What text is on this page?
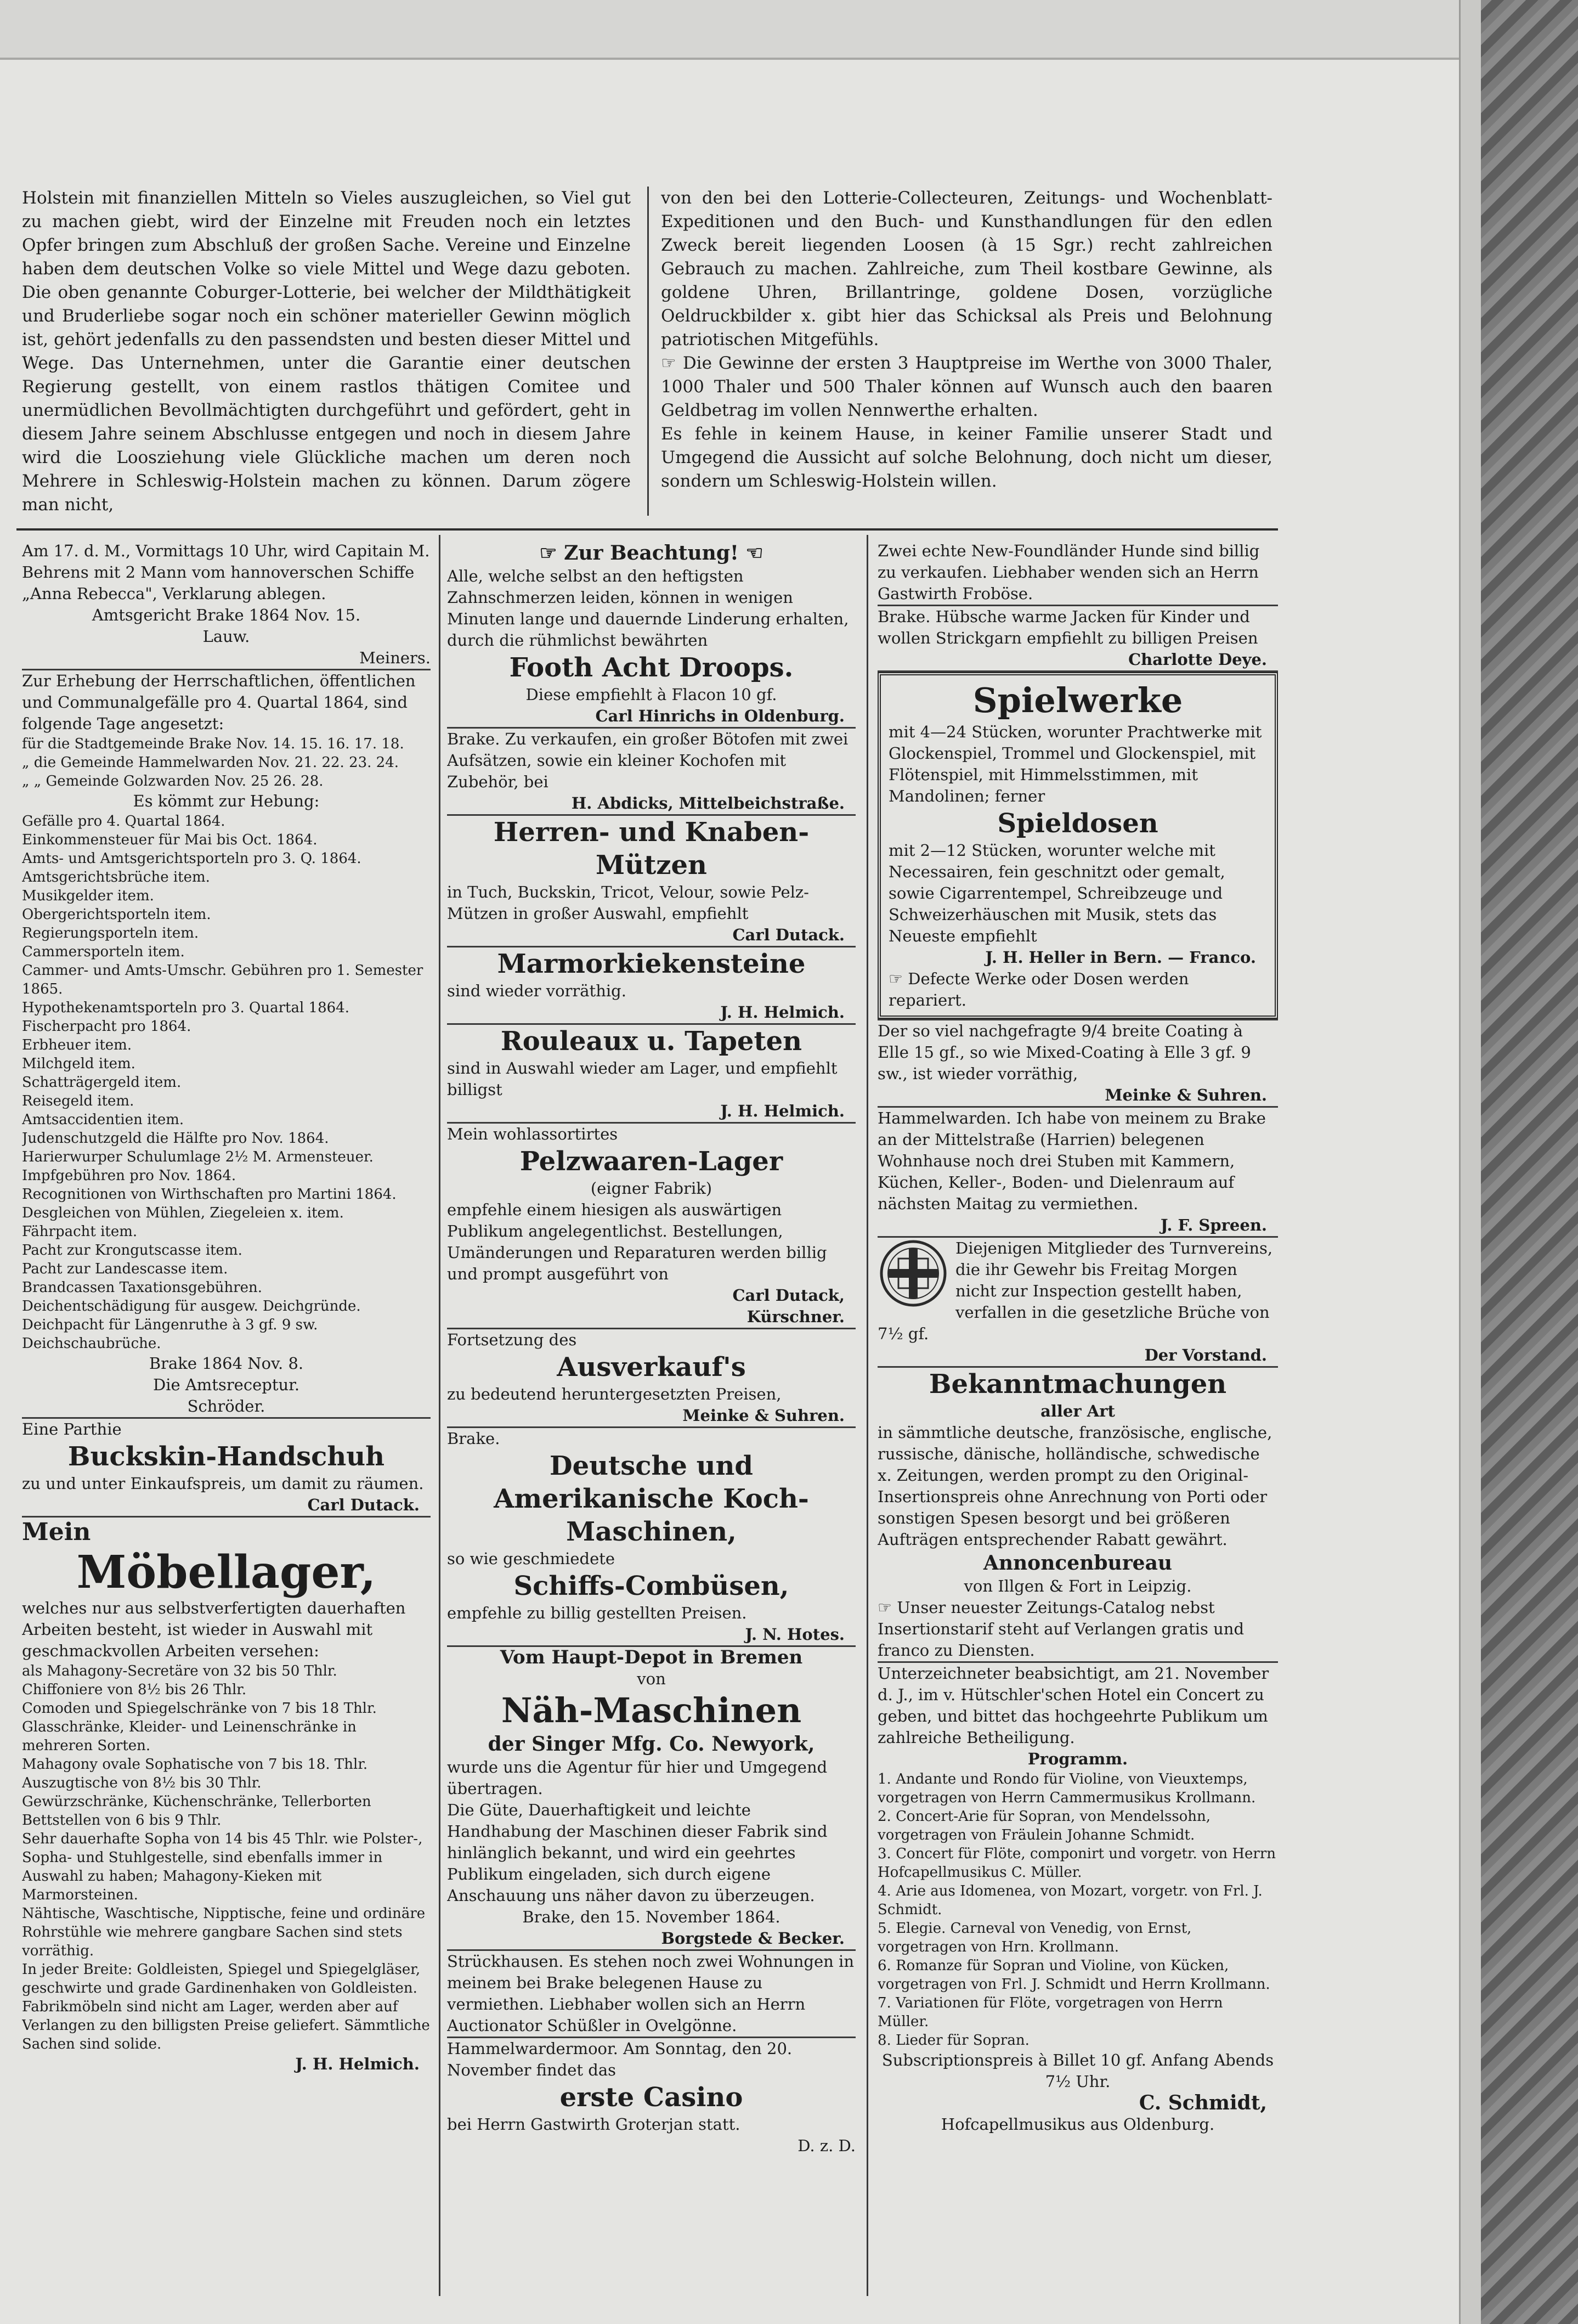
Holstein mit finanziellen Mitteln so Vieles auszugleichen, so Viel gut zu machen giebt, wird der Einzelne mit Freuden noch ein letztes Opfer bringen zum Abschluß der großen Sache. Vereine und Einzelne haben dem deutschen Volke so viele Mittel und Wege dazu geboten. Die oben genannte Coburger-Lotterie, bei welcher der Mildthätigkeit und Bruderliebe sogar noch ein schöner materieller Gewinn möglich ist, gehört jedenfalls zu den passendsten und besten dieser Mittel und Wege. Das Unternehmen, unter die Garantie einer deutschen Regierung gestellt, von einem rastlos thätigen Comitee und unermüdlichen Bevollmächtigten durchgeführt und gefördert, geht in diesem Jahre seinem Abschlusse entgegen und noch in diesem Jahre wird die Loosziehung viele Glückliche machen um deren noch Mehrere in Schleswig-Holstein machen zu können. Darum zögere man nicht,

von den bei den Lotterie-Collecteuren, Zeitungs- und Wochenblatt-Expeditionen und den Buch- und Kunsthandlungen für den edlen Zweck bereit liegenden Loosen (à 15 Sgr.) recht zahlreichen Gebrauch zu machen. Zahlreiche, zum Theil kostbare Gewinne, als goldene Uhren, Brillantringe, goldene Dosen, vorzügliche Oeldruckbilder x. gibt hier das Schicksal als Preis und Belohnung patriotischen Mitgefühls.

☞ Die Gewinne der ersten 3 Hauptpreise im Werthe von 3000 Thaler, 1000 Thaler und 500 Thaler können auf Wunsch auch den baaren Geldbetrag im vollen Nennwerthe erhalten.

Es fehle in keinem Hause, in keiner Familie unserer Stadt und Umgegend die Aussicht auf solche Belohnung, doch nicht um dieser, sondern um Schleswig-Holstein willen.

Am 17. d. M., Vormittags 10 Uhr, wird Capitain M. Behrens mit 2 Mann vom hannoverschen Schiffe „Anna Rebecca", Verklarung ablegen.

Amtsgericht Brake 1864 Nov. 15.

Lauw.

Meiners.

Zur Erhebung der Herrschaftlichen, öffentlichen und Communalgefälle pro 4. Quartal 1864, sind folgende Tage angesetzt:

für die Stadtgemeinde Brake Nov. 14. 15. 16. 17. 18.
„ die Gemeinde Hammelwarden Nov. 21. 22. 23. 24.
„ „ Gemeinde Golzwarden Nov. 25 26. 28.

Es kömmt zur Hebung:

Gefälle pro 4. Quartal 1864.
Einkommensteuer für Mai bis Oct. 1864.
Amts- und Amtsgerichtsporteln pro 3. Q. 1864.
Amtsgerichtsbrüche item.
Musikgelder item.
Obergerichtsporteln item.
Regierungsporteln item.
Cammersporteln item.
Cammer- und Amts-Umschr. Gebühren pro 1. Semester 1865.
Hypothekenamtsporteln pro 3. Quartal 1864.
Fischerpacht pro 1864.
Erbheuer item.
Milchgeld item.
Schatträgergeld item.
Reisegeld item.
Amtsaccidentien item.
Judenschutzgeld die Hälfte pro Nov. 1864.
Harierwurper Schulumlage 2½ M. Armensteuer.
Impfgebühren pro Nov. 1864.
Recognitionen von Wirthschaften pro Martini 1864.
Desgleichen von Mühlen, Ziegeleien x. item.
Fährpacht item.
Pacht zur Krongutscasse item.
Pacht zur Landescasse item.
Brandcassen Taxationsgebühren.
Deichentschädigung für ausgew. Deichgründe.
Deichpacht für Längenruthe à 3 gf. 9 sw.
Deichschaubrüche.

Brake 1864 Nov. 8.

Die Amtsreceptur.

Schröder.

Eine Parthie

Buckskin-Handschuh

zu und unter Einkaufspreis, um damit zu räumen.

Carl Dutack.

Mein

Möbellager,

welches nur aus selbstverfertigten dauerhaften Arbeiten besteht, ist wieder in Auswahl mit geschmackvollen Arbeiten versehen:

als Mahagony-Secretäre von 32 bis 50 Thlr.
Chiffoniere von 8½ bis 26 Thlr.
Comoden und Spiegelschränke von 7 bis 18 Thlr.
Glasschränke, Kleider- und Leinenschränke in mehreren Sorten.
Mahagony ovale Sophatische von 7 bis 18. Thlr.
Auszugtische von 8½ bis 30 Thlr.
Gewürzschränke, Küchenschränke, Tellerborten Bettstellen von 6 bis 9 Thlr.
Sehr dauerhafte Sopha von 14 bis 45 Thlr. wie Polster-, Sopha- und Stuhlgestelle, sind ebenfalls immer in Auswahl zu haben; Mahagony-Kieken mit Marmorsteinen.
Nähtische, Waschtische, Nipptische, feine und ordinäre Rohrstühle wie mehrere gangbare Sachen sind stets vorräthig.
In jeder Breite: Goldleisten, Spiegel und Spiegelgläser, geschwirte und grade Gardinenhaken von Goldleisten.
Fabrikmöbeln sind nicht am Lager, werden aber auf Verlangen zu den billigsten Preise geliefert. Sämmtliche Sachen sind solide.

J. H. Helmich.

☞ Zur Beachtung! ☜

Alle, welche selbst an den heftigsten Zahnschmerzen leiden, können in wenigen Minuten lange und dauernde Linderung erhalten, durch die rühmlichst bewährten

Footh Acht Droops.

Diese empfiehlt à Flacon 10 gf.

Carl Hinrichs in Oldenburg.

Brake. Zu verkaufen, ein großer Bötofen mit zwei Aufsätzen, sowie ein kleiner Kochofen mit Zubehör, bei

H. Abdicks, Mittelbeichstraße.

Herren- und Knaben-
Mützen

in Tuch, Buckskin, Tricot, Velour, sowie Pelz-Mützen in großer Auswahl, empfiehlt

Carl Dutack.

Marmorkiekensteine

sind wieder vorräthig.

J. H. Helmich.

Rouleaux u. Tapeten

sind in Auswahl wieder am Lager, und empfiehlt billigst

J. H. Helmich.

Mein wohlassortirtes

Pelzwaaren-Lager

(eigner Fabrik)

empfehle einem hiesigen als auswärtigen Publikum angelegentlichst. Bestellungen, Umänderungen und Reparaturen werden billig und prompt ausgeführt von

Carl Dutack,

Kürschner.

Fortsetzung des

Ausverkauf's

zu bedeutend heruntergesetzten Preisen,

Meinke & Suhren.

Brake.

Deutsche und
Amerikanische Koch-
Maschinen,

so wie geschmiedete

Schiffs-Combüsen,

empfehle zu billig gestellten Preisen.

J. N. Hotes.

Vom Haupt-Depot in Bremen

von

Näh-Maschinen
der Singer Mfg. Co. Newyork,

wurde uns die Agentur für hier und Umgegend übertragen.

Die Güte, Dauerhaftigkeit und leichte Handhabung der Maschinen dieser Fabrik sind hinlänglich bekannt, und wird ein geehrtes Publikum eingeladen, sich durch eigene Anschauung uns näher davon zu überzeugen.

Brake, den 15. November 1864.

Borgstede & Becker.

Strückhausen. Es stehen noch zwei Wohnungen in meinem bei Brake belegenen Hause zu vermiethen. Liebhaber wollen sich an Herrn Auctionator Schüßler in Ovelgönne.

Hammelwardermoor. Am Sonntag, den 20. November findet das

erste Casino

bei Herrn Gastwirth Groterjan statt.

D. z. D.

Zwei echte New-Foundländer Hunde sind billig zu verkaufen. Liebhaber wenden sich an Herrn Gastwirth Froböse.

Brake. Hübsche warme Jacken für Kinder und wollen Strickgarn empfiehlt zu billigen Preisen

Charlotte Deye.

Spielwerke

mit 4—24 Stücken, worunter Prachtwerke mit Glockenspiel, Trommel und Glockenspiel, mit Flötenspiel, mit Himmelsstimmen, mit Mandolinen; ferner

Spieldosen

mit 2—12 Stücken, worunter welche mit Necessairen, fein geschnitzt oder gemalt, sowie Cigarrentempel, Schreibzeuge und Schweizerhäuschen mit Musik, stets das Neueste empfiehlt

J. H. Heller in Bern. — Franco.

☞ Defecte Werke oder Dosen werden repariert.

Der so viel nachgefragte 9/4 breite Coating à Elle 15 gf., so wie Mixed-Coating à Elle 3 gf. 9 sw., ist wieder vorräthig,

Meinke & Suhren.

Hammelwarden. Ich habe von meinem zu Brake an der Mittelstraße (Harrien) belegenen Wohnhause noch drei Stuben mit Kammern, Küchen, Keller-, Boden- und Dielenraum auf nächsten Maitag zu vermiethen.

J. F. Spreen.

Diejenigen Mitglieder des Turnvereins, die ihr Gewehr bis Freitag Morgen nicht zur Inspection gestellt haben, verfallen in die gesetzliche Brüche von 7½ gf.

Der Vorstand.

Bekanntmachungen

aller Art

in sämmtliche deutsche, französische, englische, russische, dänische, holländische, schwedische x. Zeitungen, werden prompt zu den Original-Insertionspreis ohne Anrechnung von Porti oder sonstigen Spesen besorgt und bei größeren Aufträgen entsprechender Rabatt gewährt.

Annoncenbureau

von Illgen & Fort in Leipzig.

☞ Unser neuester Zeitungs-Catalog nebst Insertionstarif steht auf Verlangen gratis und franco zu Diensten.

Unterzeichneter beabsichtigt, am 21. November d. J., im v. Hütschler'schen Hotel ein Concert zu geben, und bittet das hochgeehrte Publikum um zahlreiche Betheiligung.

Programm.

1. Andante und Rondo für Violine, von Vieuxtemps, vorgetragen von Herrn Cammermusikus Krollmann.
2. Concert-Arie für Sopran, von Mendelssohn, vorgetragen von Fräulein Johanne Schmidt.
3. Concert für Flöte, componirt und vorgetr. von Herrn Hofcapellmusikus C. Müller.
4. Arie aus Idomenea, von Mozart, vorgetr. von Frl. J. Schmidt.
5. Elegie. Carneval von Venedig, von Ernst, vorgetragen von Hrn. Krollmann.
6. Romanze für Sopran und Violine, von Kücken, vorgetragen von Frl. J. Schmidt und Herrn Krollmann.
7. Variationen für Flöte, vorgetragen von Herrn Müller.
8. Lieder für Sopran.

Subscriptionspreis à Billet 10 gf. Anfang Abends 7½ Uhr.

C. Schmidt,

Hofcapellmusikus aus Oldenburg.
